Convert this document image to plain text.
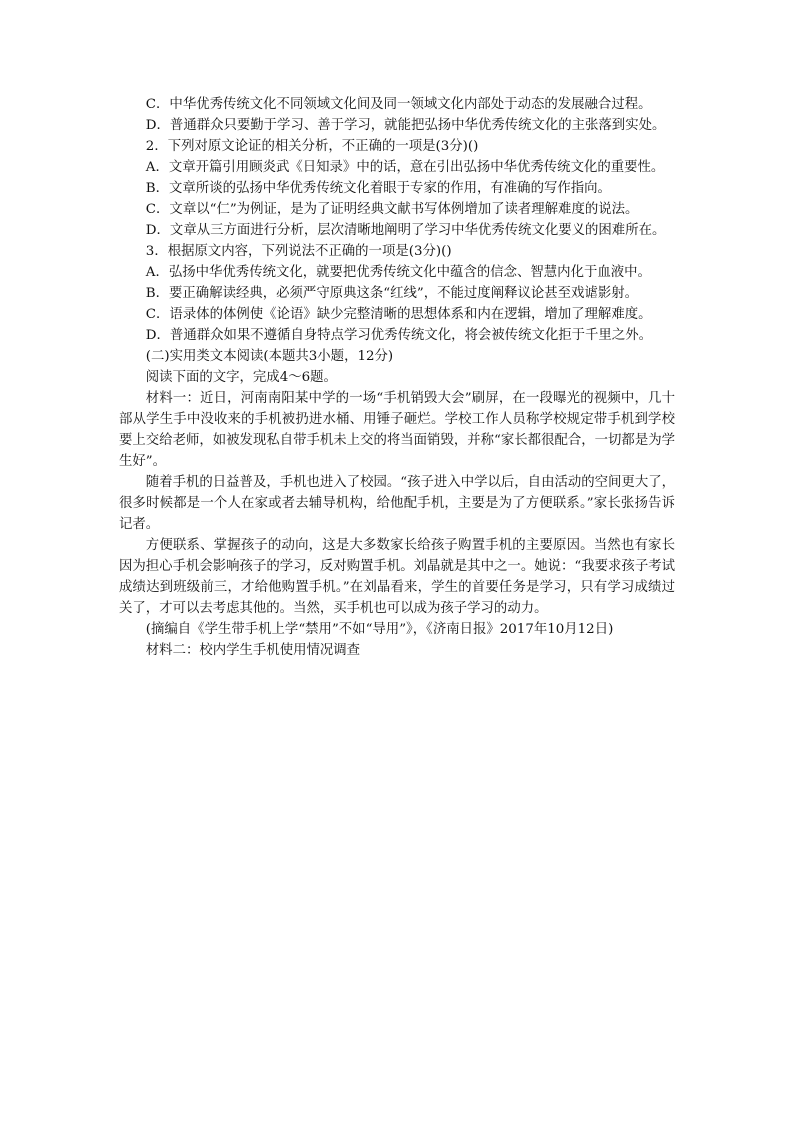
C．中华优秀传统文化不同领域文化间及同一领域文化内部处于动态的发展融合过程。

D．普通群众只要勤于学习、善于学习，就能把弘扬中华优秀传统文化的主张落到实处。

2．下列对原文论证的相关分析，不正确的一项是(3分)()

A．文章开篇引用顾炎武《日知录》中的话，意在引出弘扬中华优秀传统文化的重要性。

B．文章所谈的弘扬中华优秀传统文化着眼于专家的作用，有准确的写作指向。

C．文章以“仁”为例证，是为了证明经典文献书写体例增加了读者理解难度的说法。

D．文章从三方面进行分析，层次清晰地阐明了学习中华优秀传统文化要义的困难所在。

3．根据原文内容，下列说法不正确的一项是(3分)()

A．弘扬中华优秀传统文化，就要把优秀传统文化中蕴含的信念、智慧内化于血液中。

B．要正确解读经典，必须严守原典这条“红线”，不能过度阐释议论甚至戏谑影射。

C．语录体的体例使《论语》缺少完整清晰的思想体系和内在逻辑，增加了理解难度。

D．普通群众如果不遵循自身特点学习优秀传统文化，将会被传统文化拒于千里之外。

(二)实用类文本阅读(本题共3小题，12分)

阅读下面的文字，完成4～6题。

材料一：近日，河南南阳某中学的一场“手机销毁大会”刷屏，在一段曝光的视频中，几十部从学生手中没收来的手机被扔进水桶、用锤子砸烂。学校工作人员称学校规定带手机到学校要上交给老师，如被发现私自带手机未上交的将当面销毁，并称“家长都很配合，一切都是为学生好”。

随着手机的日益普及，手机也进入了校园。“孩子进入中学以后，自由活动的空间更大了，很多时候都是一个人在家或者去辅导机构，给他配手机，主要是为了方便联系。”家长张扬告诉记者。

方便联系、掌握孩子的动向，这是大多数家长给孩子购置手机的主要原因。当然也有家长因为担心手机会影响孩子的学习，反对购置手机。刘晶就是其中之一。她说：“我要求孩子考试成绩达到班级前三，才给他购置手机。”在刘晶看来，学生的首要任务是学习，只有学习成绩过关了，才可以去考虑其他的。当然，买手机也可以成为孩子学习的动力。

(摘编自《学生带手机上学“禁用”不如“导用”》，《济南日报》2017年10月12日)

材料二：校内学生手机使用情况调查
